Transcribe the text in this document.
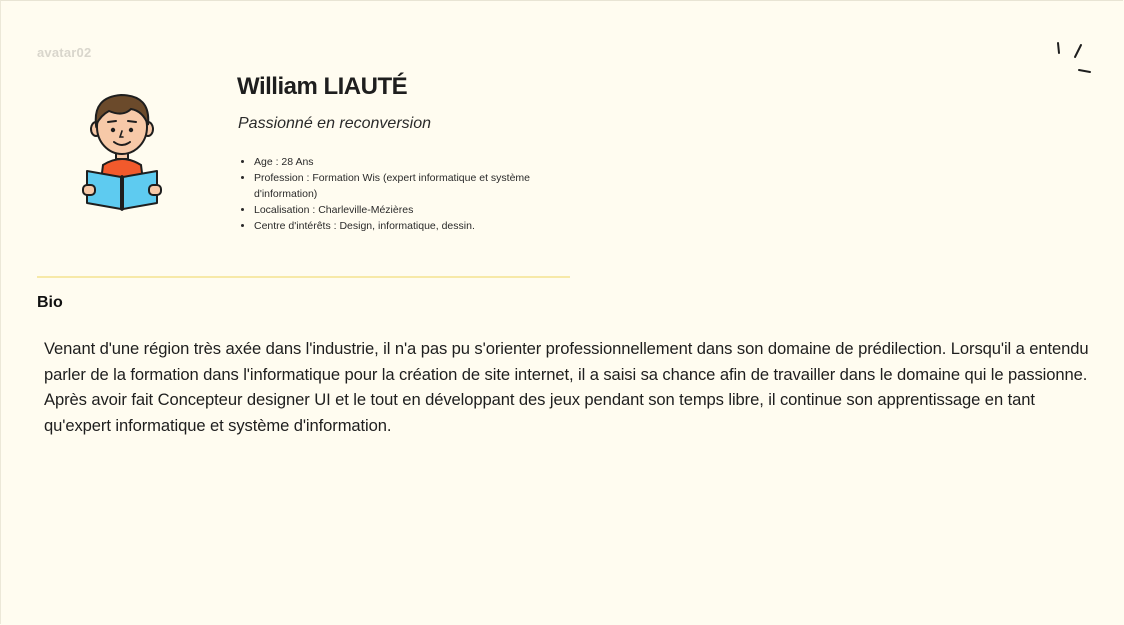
avatar02
William LIAUTÉ

Passionné en reconversion

• Age : 28 Ans
• Profession : Formation Wis (expert informatique et système d'information)
• Localisation : Charleville-Mézières
• Centre d'intérêts : Design, informatique, dessin.
Bio

Venant d'une région très axée dans l'industrie, il n'a pas pu s'orienter professionnellement dans son domaine de prédilection. Lorsqu'il a entendu parler de la formation dans l'informatique pour la création de site internet, il a saisi sa chance afin de travailler dans le domaine qui le passionne. Après avoir fait Concepteur designer UI et le tout en développant des jeux pendant son temps libre, il continue son apprentissage en tant qu'expert informatique et système d'information.
